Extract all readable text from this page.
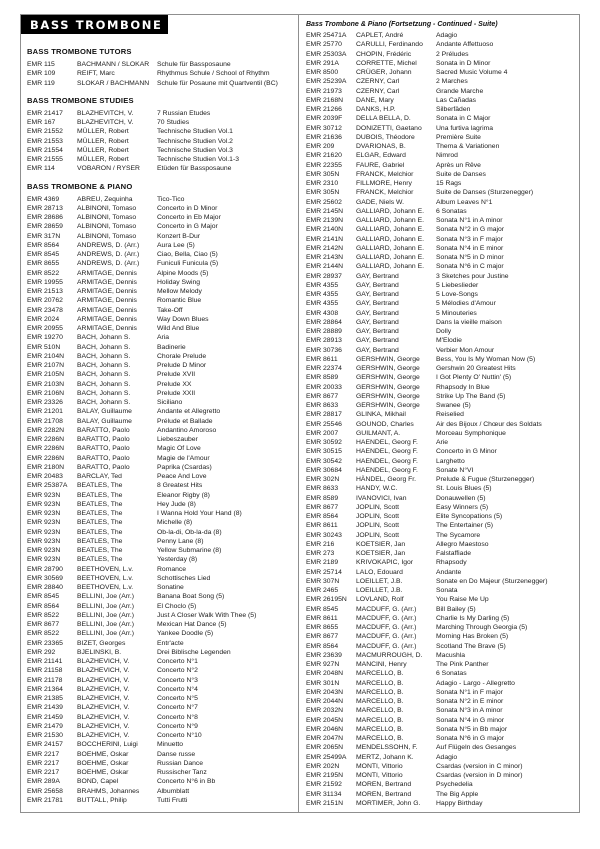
BASS TROMBONE
BASS TROMBONE TUTORS
EMR 115	BACHMANN / SLOKAR	Schule für Bassposaune
EMR 109	REIFT, Marc	Rhythmus Schule / School of Rhythm
EMR 119	SLOKAR / BACHMANN	Schule für Posaune mit Quartventil (BC)
BASS TROMBONE STUDIES
EMR 21417	BLAZHEVITCH, V.	7 Russian Etudes
EMR 167	BLAZHEVITCH, V.	70 Studies
EMR 21552	MÜLLER, Robert	Technische Studien Vol.1
EMR 21553	MÜLLER, Robert	Technische Studien Vol.2
EMR 21554	MÜLLER, Robert	Technische Studien Vol.3
EMR 21555	MÜLLER, Robert	Technische Studien Vol.1-3
EMR 114	VOBARON / RYSER	Etüden für Bassposaune
BASS TROMBONE & PIANO
EMR 4369	ABREU, Zequinha	Tico-Tico
EMR 28713	ALBINONI, Tomaso	Concerto in D Minor
EMR 28686	ALBINONI, Tomaso	Concerto in Eb Major
EMR 28659	ALBINONI, Tomaso	Concerto in G Major
EMR 317N	ALBINONI, Tomaso	Konzert B-Dur
EMR 8564	ANDREWS, D. (Arr.)	Aura Lee (5)
EMR 8545	ANDREWS, D. (Arr.)	Ciao, Bella, Ciao (5)
EMR 8655	ANDREWS, D. (Arr.)	Funiculi Funicula (5)
EMR 8522	ARMITAGE, Dennis	Alpine Moods (5)
EMR 19955	ARMITAGE, Dennis	Holiday Swing
EMR 21513	ARMITAGE, Dennis	Mellow Melody
EMR 20762	ARMITAGE, Dennis	Romantic Blue
EMR 23478	ARMITAGE, Dennis	Take-Off
EMR 2024	ARMITAGE, Dennis	Way Down Blues
EMR 20955	ARMITAGE, Dennis	Wild And Blue
EMR 19270	BACH, Johann S.	Aria
EMR 510N	BACH, Johann S.	Badinerie
EMR 2104N	BACH, Johann S.	Chorale Prelude
EMR 2107N	BACH, Johann S.	Prelude D Minor
EMR 2105N	BACH, Johann S.	Prelude XVII
EMR 2103N	BACH, Johann S.	Prelude XX
EMR 2106N	BACH, Johann S.	Prelude XXII
EMR 23326	BACH, Johann S.	Siciliano
EMR 21201	BALAY, Guillaume	Andante et Allegretto
EMR 21708	BALAY, Guillaume	Prélude et Ballade
EMR 2282N	BARATTO, Paolo	Andantino Amoroso
EMR 2286N	BARATTO, Paolo	Liebeszauber
EMR 2286N	BARATTO, Paolo	Magic Of Love
EMR 2286N	BARATTO, Paolo	Magie de l'Amour
EMR 2180N	BARATTO, Paolo	Paprika (Csardas)
EMR 20483	BARCLAY, Ted	Peace And Love
EMR 25387A	BEATLES, The	8 Greatest Hits
EMR 923N	BEATLES, The	Eleanor Rigby (8)
EMR 923N	BEATLES, The	Hey Jude (8)
EMR 923N	BEATLES, The	I Wanna Hold Your Hand (8)
EMR 923N	BEATLES, The	Michelle (8)
EMR 923N	BEATLES, The	Ob-la-di, Ob-la-da (8)
EMR 923N	BEATLES, The	Penny Lane (8)
EMR 923N	BEATLES, The	Yellow Submarine (8)
EMR 923N	BEATLES, The	Yesterday (8)
EMR 28790	BEETHOVEN, L.v.	Romance
EMR 30569	BEETHOVEN, L.v.	Schottisches Lied
EMR 28840	BEETHOVEN, L.v.	Sonatine
EMR 8545	BELLINI, Joe (Arr.)	Banana Boat Song (5)
EMR 8564	BELLINI, Joe (Arr.)	El Choclo (5)
EMR 8522	BELLINI, Joe (Arr.)	Just A Closer Walk With Thee (5)
EMR 8677	BELLINI, Joe (Arr.)	Mexican Hat Dance (5)
EMR 8522	BELLINI, Joe (Arr.)	Yankee Doodle (5)
EMR 23365	BIZET, Georges	Entr'acte
EMR 292	BJELINSKI, B.	Drei Biblische Legenden
EMR 21141	BLAZHEVICH, V.	Concerto N°1
EMR 21158	BLAZHEVICH, V.	Concerto N°2
EMR 21178	BLAZHEVICH, V.	Concerto N°3
EMR 21364	BLAZHEVICH, V.	Concerto N°4
EMR 21385	BLAZHEVICH, V.	Concerto N°5
EMR 21439	BLAZHEVICH, V.	Concerto N°7
EMR 21459	BLAZHEVICH, V.	Concerto N°8
EMR 21479	BLAZHEVICH, V.	Concerto N°9
EMR 21530	BLAZHEVICH, V.	Concerto N°10
EMR 24157	BOCCHERINI, Luigi	Minuetto
EMR 2217	BOEHME, Oskar	Danse russe
EMR 2217	BOEHME, Oskar	Russian Dance
EMR 2217	BOEHME, Oskar	Russischer Tanz
EMR 289A	BOND, Capel	Concerto N°6 in Bb
EMR 25658	BRAHMS, Johannes	Albumblatt
EMR 21781	BUTTALL, Philip	Tutti Frutti
Bass Trombone & Piano (Fortsetzung - Continued - Suite)
EMR 25471A	CAPLET, André	Adagio
EMR 25770	CARULLI, Ferdinando	Andante Affettuoso
EMR 25303A	CHOPIN, Frédéric	2 Préludes
EMR 291A	CORRETTE, Michel	Sonata in D Minor
EMR 8500	CRÜGER, Johann	Sacred Music Volume 4
EMR 25239A	CZERNY, Carl	2 Marches
EMR 21973	CZERNY, Carl	Grande Marche
EMR 2168N	DANE, Mary	Las Cañadas
EMR 21266	DANKS, H.P.	Silberfäden
EMR 2039F	DELLA BELLA, D.	Sonata in C Major
EMR 30712	DONIZETTI, Gaetano	Una furtiva lagrima
EMR 21636	DUBOIS, Théodore	Première Suite
EMR 209	DVARIONAS, B.	Thema & Variationen
EMR 21620	ELGAR, Edward	Nimrod
EMR 22355	FAURE, Gabriel	Après un Rêve
EMR 305N	FRANCK, Melchior	Suite de Danses
EMR 2310	FILLMORE, Henry	15 Rags
EMR 305N	FRANCK, Melchior	Suite de Danses (Sturzenegger)
EMR 25602	GADE, Niels W.	Album Leaves N°1
EMR 2145N	GALLIARD, Johann E.	6 Sonatas
EMR 2139N	GALLIARD, Johann E.	Sonata N°1 in A minor
EMR 2140N	GALLIARD, Johann E.	Sonata N°2 in G major
EMR 2141N	GALLIARD, Johann E.	Sonata N°3 in F major
EMR 2142N	GALLIARD, Johann E.	Sonata N°4 in E minor
EMR 2143N	GALLIARD, Johann E.	Sonata N°5 in D minor
EMR 2144N	GALLIARD, Johann E.	Sonata N°6 in C major
EMR 28937	GAY, Bertrand	3 Sketches pour Justine
EMR 4355	GAY, Bertrand	5 Liebeslieder
EMR 4355	GAY, Bertrand	5 Love-Songs
EMR 4355	GAY, Bertrand	5 Mélodies d'Amour
EMR 4308	GAY, Bertrand	5 Minouteries
EMR 28864	GAY, Bertrand	Dans la vieille maison
EMR 28889	GAY, Bertrand	Dolly
EMR 28913	GAY, Bertrand	M'Elodie
EMR 30736	GAY, Bertrand	Verbier Mon Amour
EMR 8611	GERSHWIN, George	Bess, You Is My Woman Now (5)
EMR 22374	GERSHWIN, George	Gershwin 20 Greatest Hits
EMR 8589	GERSHWIN, George	I Got Plenty O' Nuttin' (5)
EMR 20033	GERSHWIN, George	Rhapsody In Blue
EMR 8677	GERSHWIN, George	Strike Up The Band (5)
EMR 8633	GERSHWIN, George	Swanee (5)
EMR 28817	GLINKA, Mikhail	Reiselied
EMR 25546	GOUNOD, Charles	Air des Bijoux / Chœur des Soldats
EMR 2007	GUILMANT, A.	Morceau Symphonique
EMR 30592	HAENDEL, Georg F.	Arie
EMR 30515	HAENDEL, Georg F.	Concerto in G Minor
EMR 30542	HAENDEL, Georg F.	Larghetto
EMR 30684	HAENDEL, Georg F.	Sonate N°VI
EMR 302N	HÄNDEL, Georg Fr.	Prelude & Fugue (Sturzenegger)
EMR 8633	HANDY, W.C.	St. Louis Blues (5)
EMR 8589	IVANOVICI, Ivan	Donauwellen (5)
EMR 8677	JOPLIN, Scott	Easy Winners (5)
EMR 8564	JOPLIN, Scott	Elite Syncopations (5)
EMR 8611	JOPLIN, Scott	The Entertainer (5)
EMR 30243	JOPLIN, Scott	The Sycamore
EMR 216	KOETSIER, Jan	Allegro Maestoso
EMR 273	KOETSIER, Jan	Falstaffiade
EMR 2189	KRIVOKAPIC, Igor	Rhapsody
EMR 25714	LALO, Edouard	Andante
EMR 307N	LOEILLET, J.B.	Sonate en Do Majeur (Sturzenegger)
EMR 2465	LOEILLET, J.B.	Sonata
EMR 26195N	LOVLAND, Rolf	You Raise Me Up
EMR 8545	MACDUFF, G. (Arr.)	Bill Bailey (5)
EMR 8611	MACDUFF, G. (Arr.)	Charlie Is My Darling (5)
EMR 8655	MACDUFF, G. (Arr.)	Marching Through Georgia (5)
EMR 8677	MACDUFF, G. (Arr.)	Morning Has Broken (5)
EMR 8564	MACDUFF, G. (Arr.)	Scotland The Brave (5)
EMR 23639	MACMURROUGH, D.	Macushla
EMR 927N	MANCINI, Henry	The Pink Panther
EMR 2048N	MARCELLO, B.	6 Sonatas
EMR 301N	MARCELLO, B.	Adagio - Largo - Allegretto
EMR 2043N	MARCELLO, B.	Sonata N°1 in F major
EMR 2044N	MARCELLO, B.	Sonata N°2 in E minor
EMR 2032N	MARCELLO, B.	Sonata N°3 in A minor
EMR 2045N	MARCELLO, B.	Sonata N°4 in G minor
EMR 2046N	MARCELLO, B.	Sonata N°5 in Bb major
EMR 2047N	MARCELLO, B.	Sonata N°6 in G major
EMR 2065N	MENDELSSOHN, F.	Auf Flügeln des Gesanges
EMR 25499A	MERTZ, Johann K.	Adagio
EMR 202N	MONTI, Vittorio	Csardas (version in C minor)
EMR 2195N	MONTI, Vittorio	Csardas (version in D minor)
EMR 21592	MOREN, Bertrand	Psychedelia
EMR 31134	MOREN, Bertrand	The Big Apple
EMR 2151N	MORTIMER, John G.	Happy Birthday
